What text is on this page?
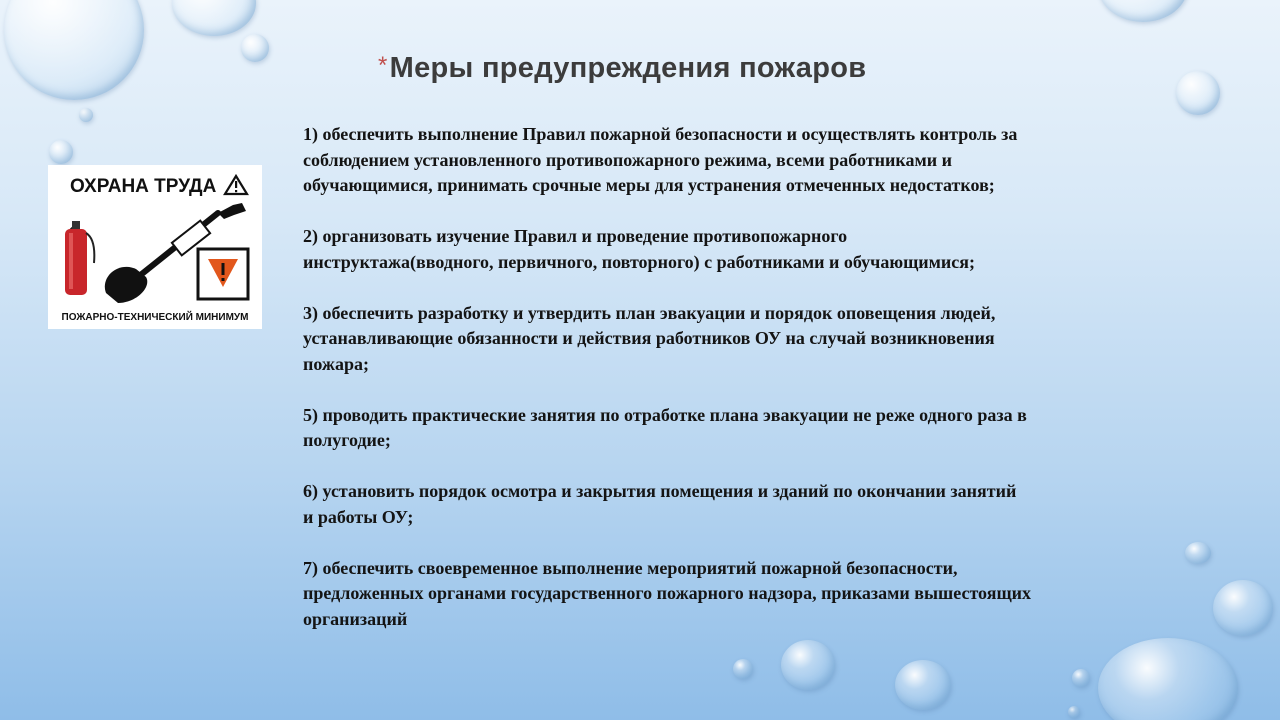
*Меры предупреждения пожаров
ОХРАНА ТРУДА
ПОЖАРНО-ТЕХНИЧЕСКИЙ МИНИМУМ

1) обеспечить выполнение Правил пожарной безопасности и осуществлять контроль за
соблюдением установленного противопожарного режима, всеми работниками и
обучающимися, принимать срочные меры для устранения отмеченных недостатков;

2) организовать изучение Правил и проведение противопожарного
инструктажа(вводного, первичного, повторного) с работниками и обучающимися;

3) обеспечить разработку и утвердить план эвакуации и порядок оповещения людей,
устанавливающие обязанности и действия работников ОУ на случай возникновения
пожара;

5) проводить практические занятия по отработке плана эвакуации не реже одного раза в
полугодие;

6) установить порядок осмотра и закрытия помещения и зданий по окончании занятий
и работы ОУ;

7) обеспечить своевременное выполнение мероприятий пожарной безопасности,
предложенных органами государственного пожарного надзора, приказами вышестоящих
организаций
